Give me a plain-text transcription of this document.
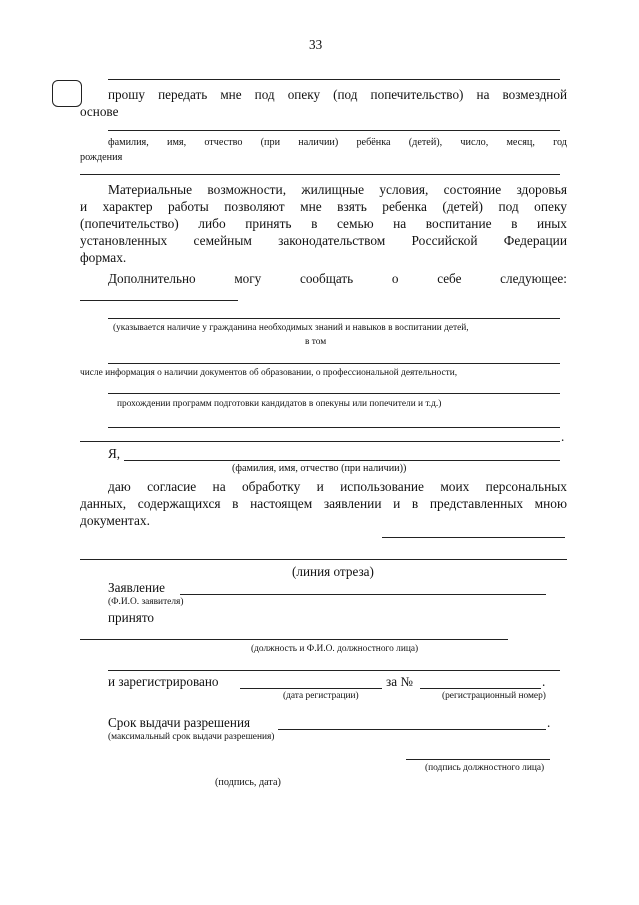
33
прошу передать мне под опеку (под попечительство) на возмездной
основе
фамилия, имя, отчество (при наличии) ребёнка (детей), число, месяц, год
рождения
Материальные возможности, жилищные условия, состояние здоровья
и характер работы позволяют мне взять ребенка (детей) под опеку
(попечительство) либо принять в семью на воспитание в иных
установленных семейным законодательством Российской Федерации
формах.
Дополнительно	могу	сообщать	о	себе	следующее:
(указывается наличие у гражданина необходимых знаний и навыков в воспитании детей,
в том
числе информация о наличии документов об образовании, о профессиональной деятельности,
прохождении программ подготовки кандидатов в опекуны или попечители и т.д.)
.
Я,
(фамилия, имя, отчество (при наличии))
даю согласие на обработку и использование моих персональных
данных, содержащихся в настоящем заявлении и в представленных мною
документах.
(линия отреза)
Заявление
(Ф.И.О. заявителя)
принято
(должность и Ф.И.О. должностного лица)
и зарегистрировано	за №	.
(дата регистрации)	(регистрационный номер)
Срок выдачи разрешения	.
(максимальный срок выдачи разрешения)
(подпись должностного лица)
(подпись, дата)
